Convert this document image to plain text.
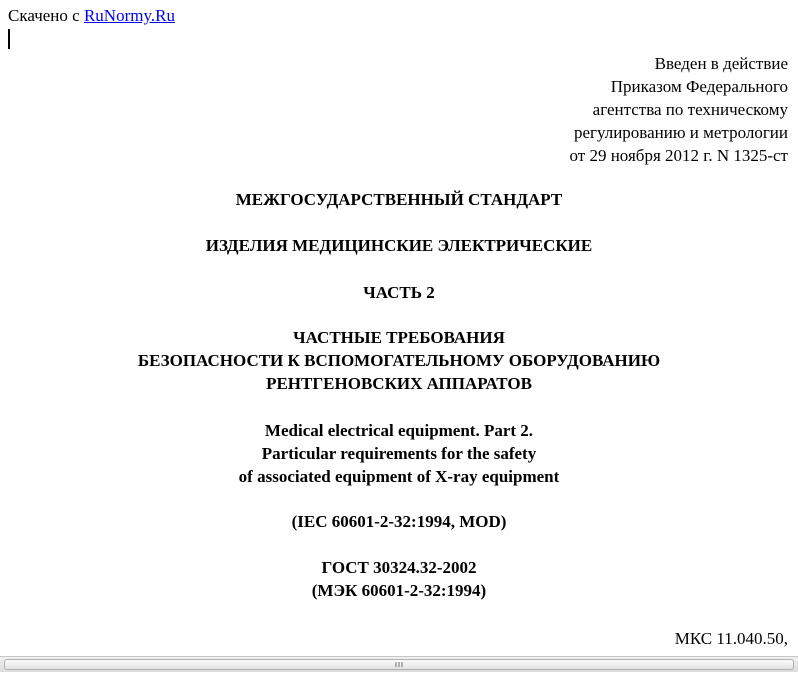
Скачено с RuNormy.Ru
Введен в действие
Приказом Федерального
агентства по техническому
регулированию и метрологии
от 29 ноября 2012 г. N 1325-ст
МЕЖГОСУДАРСТВЕННЫЙ СТАНДАРТ
ИЗДЕЛИЯ МЕДИЦИНСКИЕ ЭЛЕКТРИЧЕСКИЕ
ЧАСТЬ 2
ЧАСТНЫЕ ТРЕБОВАНИЯ
БЕЗОПАСНОСТИ К ВСПОМОГАТЕЛЬНОМУ ОБОРУДОВАНИЮ
РЕНТГЕНОВСКИХ АППАРАТОВ
Medical electrical equipment. Part 2.
Particular requirements for the safety
of associated equipment of X-ray equipment
(IEC 60601-2-32:1994, MOD)
ГОСТ 30324.32-2002
(МЭК 60601-2-32:1994)
МКС 11.040.50,
